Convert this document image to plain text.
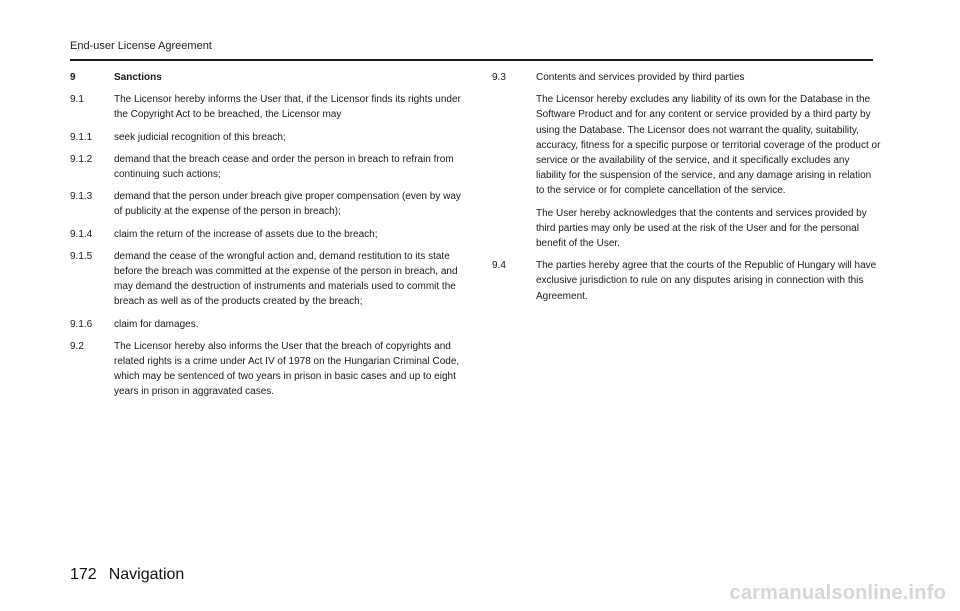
End-user License Agreement
9	Sanctions
9.1	The Licensor hereby informs the User that, if the Licensor finds its rights under the Copyright Act to be breached, the Licensor may
9.1.1	seek judicial recognition of this breach;
9.1.2	demand that the breach cease and order the person in breach to refrain from continuing such actions;
9.1.3	demand that the person under breach give proper compensation (even by way of publicity at the expense of the person in breach);
9.1.4	claim the return of the increase of assets due to the breach;
9.1.5	demand the cease of the wrongful action and, demand restitution to its state before the breach was committed at the expense of the person in breach, and may demand the destruction of instruments and materials used to commit the breach as well as of the products created by the breach;
9.1.6	claim for damages.
9.2	The Licensor hereby also informs the User that the breach of copyrights and related rights is a crime under Act IV of 1978 on the Hungarian Criminal Code, which may be sentenced of two years in prison in basic cases and up to eight years in prison in aggravated cases.
9.3	Contents and services provided by third parties
The Licensor hereby excludes any liability of its own for the Database in the Software Product and for any content or service provided by a third party by using the Database. The Licensor does not warrant the quality, suitability, accuracy, fitness for a specific purpose or territorial coverage of the product or service or the availability of the service, and it specifically excludes any liability for the suspension of the service, and any damage arising in relation to the service or for complete cancellation of the service.
The User hereby acknowledges that the contents and services provided by third parties may only be used at the risk of the User and for the personal benefit of the User.
9.4	The parties hereby agree that the courts of the Republic of Hungary will have exclusive jurisdiction to rule on any disputes arising in connection with this Agreement.
172 Navigation
carmanualsonline.info
